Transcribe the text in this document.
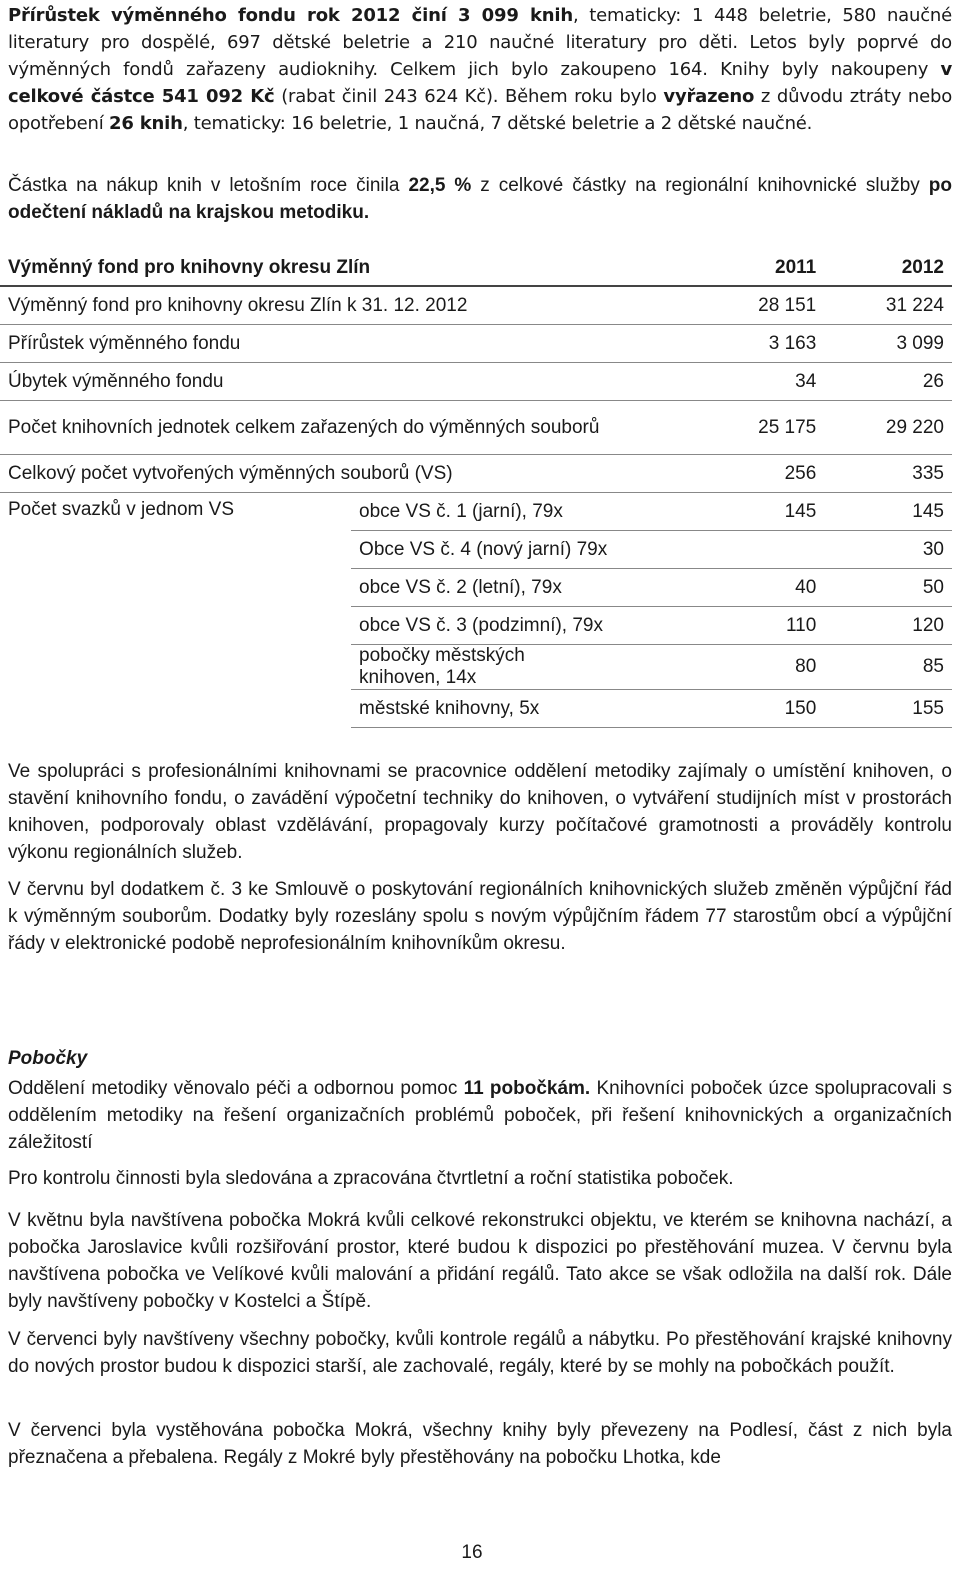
Přírůstek výměnného fondu rok 2012 činí 3 099 knih, tematicky: 1 448 beletrie, 580 naučné literatury pro dospělé, 697 dětské beletrie a 210 naučné literatury pro děti. Letos byly poprvé do výměnných fondů zařazeny audioknihy. Celkem jich bylo zakoupeno 164. Knihy byly nakoupeny v celkové částce 541 092 Kč (rabat činil 243 624 Kč). Během roku bylo vyřazeno z důvodu ztráty nebo opotřebení 26 knih, tematicky: 16 beletrie, 1 naučná, 7 dětské beletrie a 2 dětské naučné.

Částka na nákup knih v letošním roce činila 22,5 % z celkové částky na regionální knihovnické služby po odečtení nákladů na krajskou metodiku.

Výměnný fond pro knihovny okresu Zlín		2011	2012
Výměnný fond pro knihovny okresu Zlín k 31. 12. 2012		28 151	31 224
Přírůstek výměnného fondu		3 163	3 099
Úbytek výměnného fondu		34	26

Počet knihovních jednotek celkem zařazených do výměnných souborů		25 175	29 220
Celkový počet vytvořených výměnných souborů (VS)		256	335
Počet svazků v jednom VS	obce VS č. 1 (jarní), 79x	145	145
	Obce VS č. 4 (nový jarní) 79x		30
	obce VS č. 2 (letní), 79x	40	50
	obce VS č. 3 (podzimní), 79x	110	120
	pobočky městských knihoven, 14x	80	85
	městské knihovny, 5x	150	155

Ve spolupráci s profesionálními knihovnami se pracovnice oddělení metodiky zajímaly o umístění knihoven, o stavění knihovního fondu, o zavádění výpočetní techniky do knihoven, o vytváření studijních míst v prostorách knihoven, podporovaly oblast vzdělávání, propagovaly kurzy počítačové gramotnosti a prováděly kontrolu výkonu regionálních služeb.

V červnu byl dodatkem č. 3 ke Smlouvě o poskytování regionálních knihovnických služeb změněn výpůjční řád k výměnným souborům. Dodatky byly rozeslány spolu s novým výpůjčním řádem 77 starostům obcí a výpůjční řády v elektronické podobě neprofesionálním knihovníkům okresu.

Pobočky

Oddělení metodiky věnovalo péči a odbornou pomoc 11 pobočkám. Knihovníci poboček úzce spolupracovali s oddělením metodiky na řešení organizačních problémů poboček, při řešení knihovnických a organizačních záležitostí

Pro kontrolu činnosti byla sledována a zpracována čtvrtletní a roční statistika poboček.

V květnu byla navštívena pobočka Mokrá kvůli celkové rekonstrukci objektu, ve kterém se knihovna nachází, a pobočka Jaroslavice kvůli rozšiřování prostor, které budou k dispozici po přestěhování muzea. V červnu byla navštívena pobočka ve Velíkové kvůli malování a přidání regálů. Tato akce se však odložila na další rok. Dále byly navštíveny pobočky v Kostelci a Štípě.

V červenci byly navštíveny všechny pobočky, kvůli kontrole regálů a nábytku. Po přestěhování krajské knihovny do nových prostor budou k dispozici starší, ale zachovalé, regály, které by se mohly na pobočkách použít.

V červenci byla vystěhována pobočka Mokrá, všechny knihy byly převezeny na Podlesí, část z nich byla přeznačena a přebalena. Regály z Mokré byly přestěhovány na pobočku Lhotka, kde

16
